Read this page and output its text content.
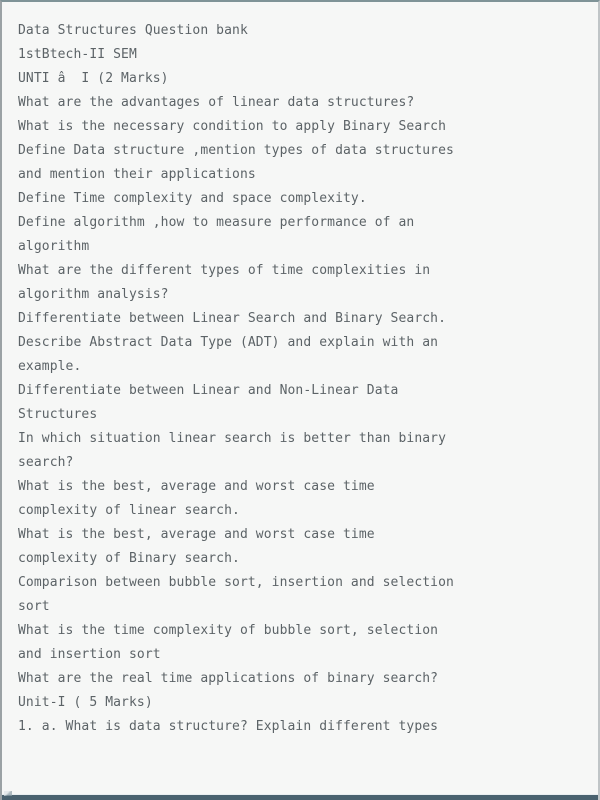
Data Structures Question bank
1stBtech-II SEM
UNTI â  I (2 Marks)
What are the advantages of linear data structures?
What is the necessary condition to apply Binary Search
Define Data structure ,mention types of data structures
and mention their applications
Define Time complexity and space complexity.
Define algorithm ,how to measure performance of an
algorithm
What are the different types of time complexities in
algorithm analysis?
Differentiate between Linear Search and Binary Search.
Describe Abstract Data Type (ADT) and explain with an
example.
Differentiate between Linear and Non-Linear Data
Structures
In which situation linear search is better than binary
search?
What is the best, average and worst case time
complexity of linear search.
What is the best, average and worst case time
complexity of Binary search.
Comparison between bubble sort, insertion and selection
sort
What is the time complexity of bubble sort, selection
and insertion sort
What are the real time applications of binary search?
Unit-I ( 5 Marks)
1. a. What is data structure? Explain different types
